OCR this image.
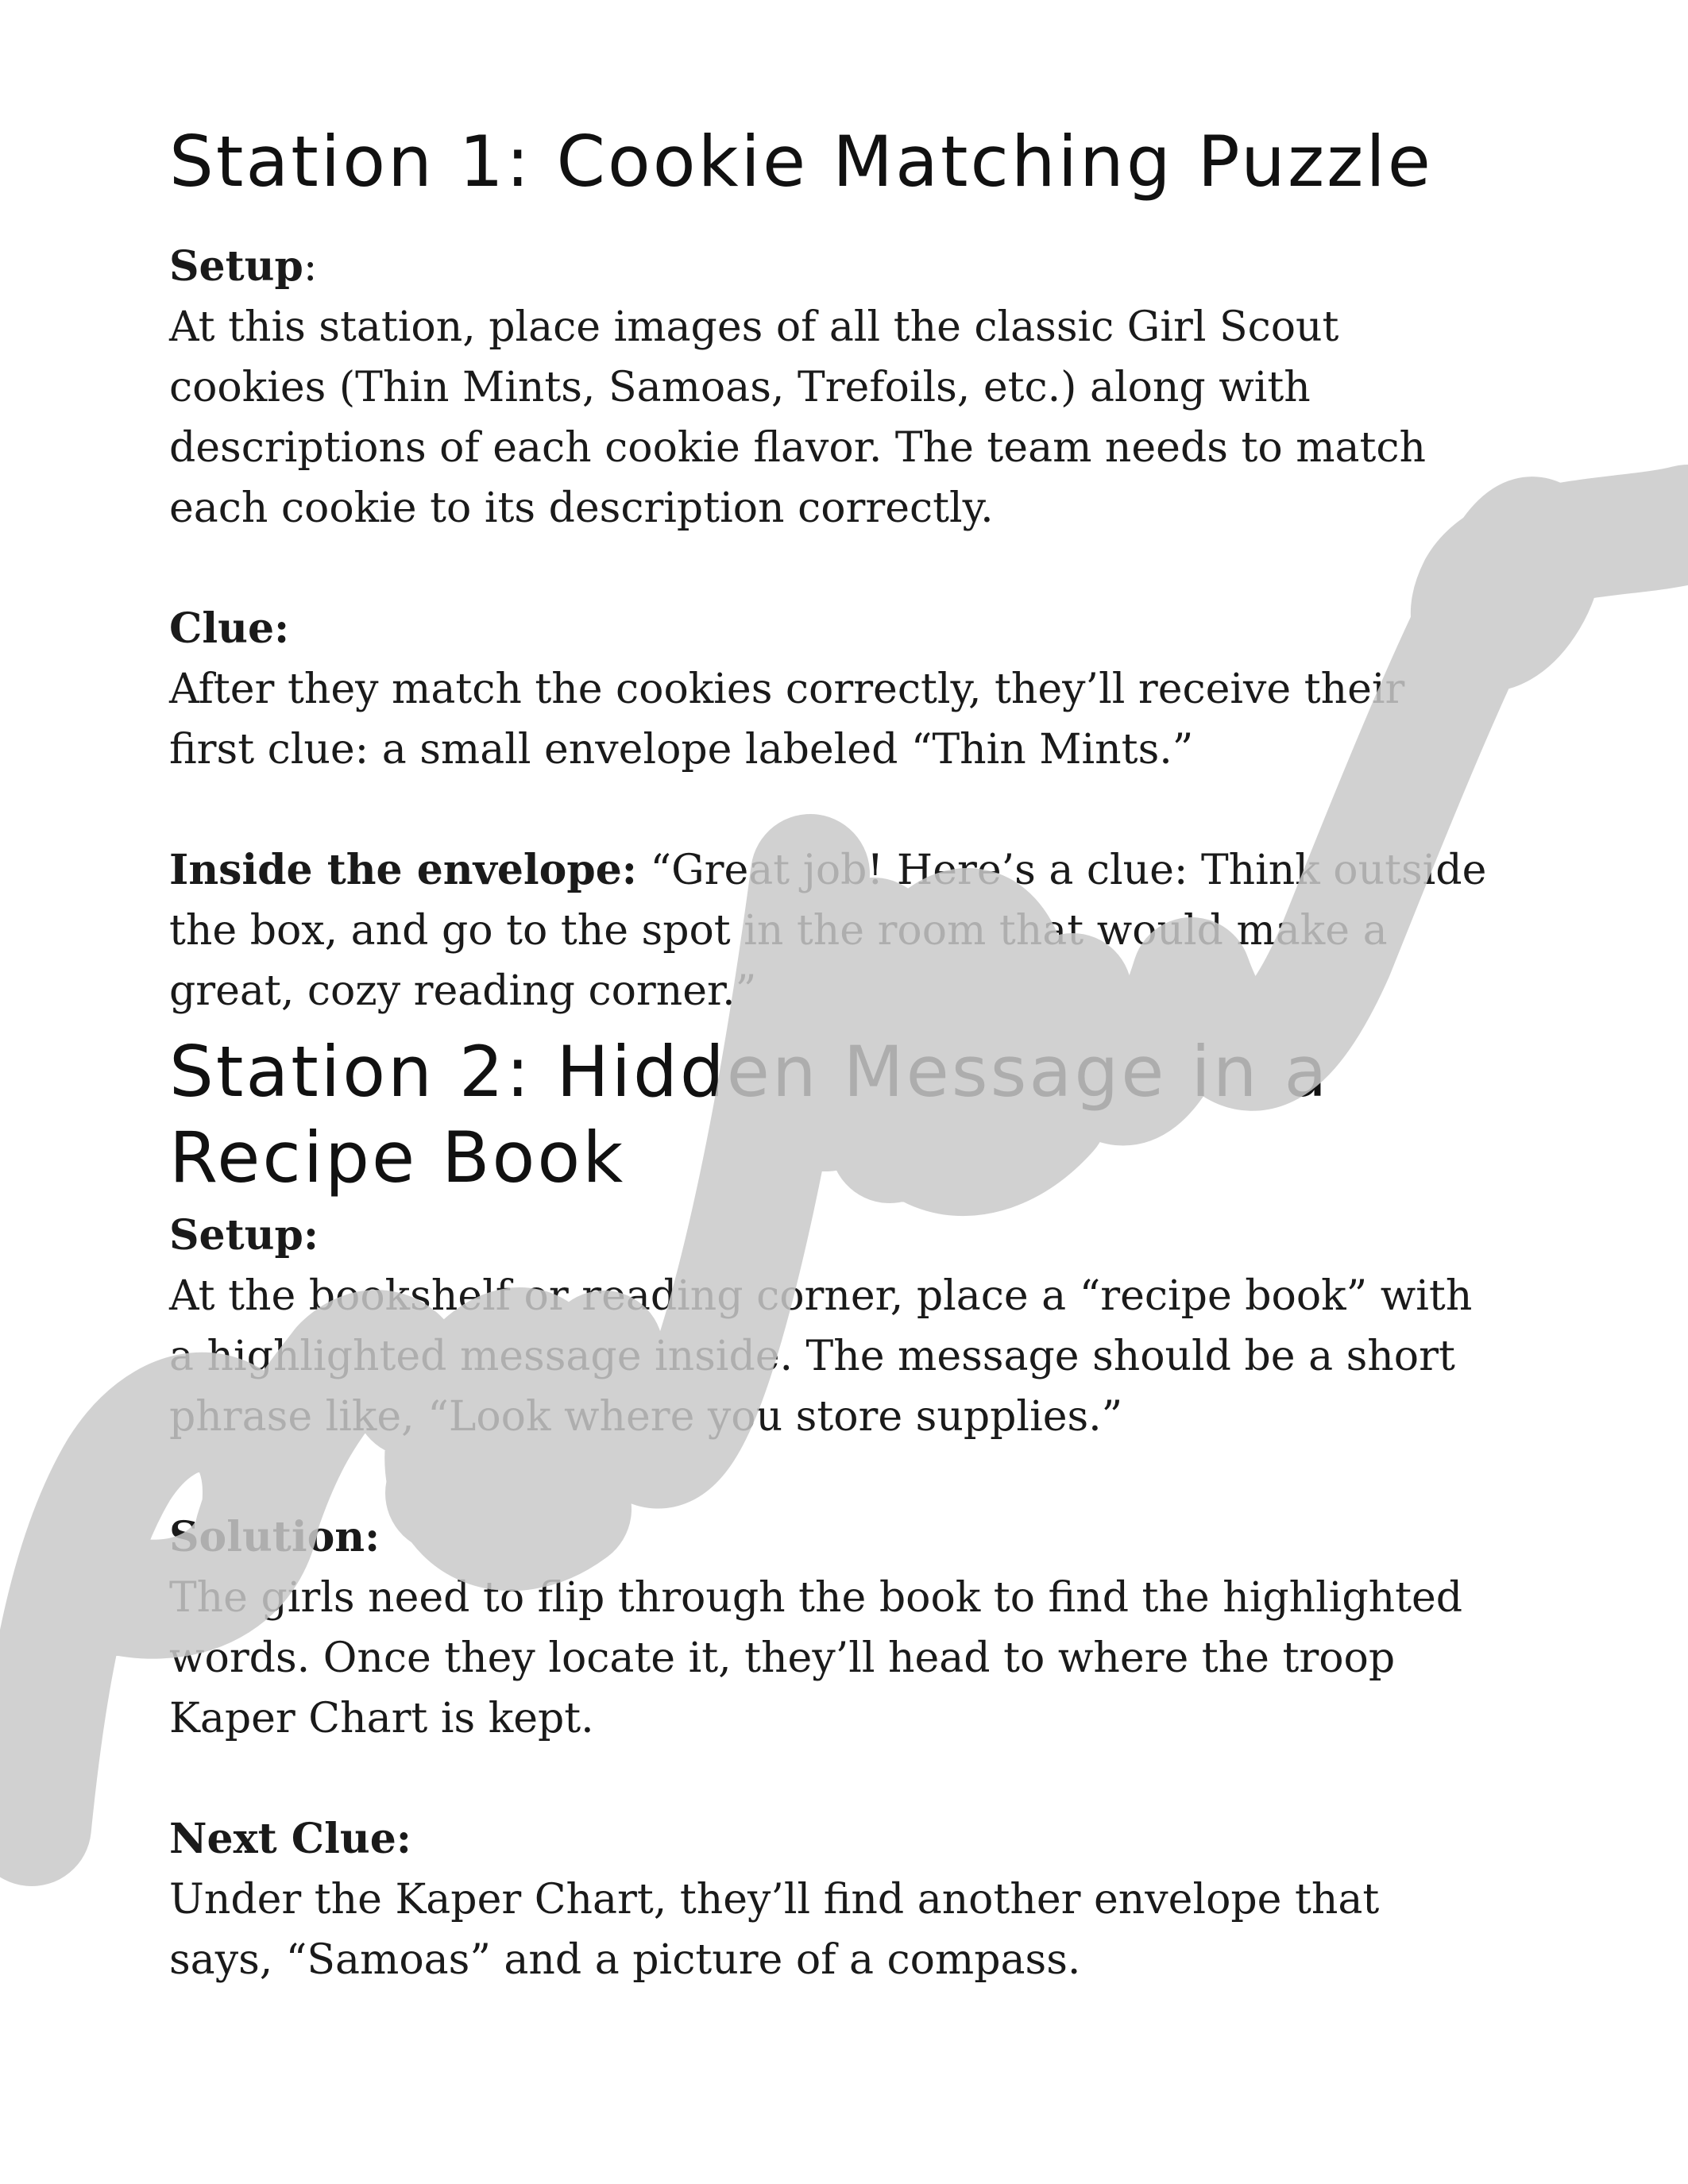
Station 1: Cookie Matching Puzzle

Setup:
At this station, place images of all the classic Girl Scout cookies (Thin Mints, Samoas, Trefoils, etc.) along with descriptions of each cookie flavor. The team needs to match each cookie to its description correctly.

Clue:
After they match the cookies correctly, they’ll receive their first clue: a small envelope labeled “Thin Mints.”

Inside the envelope: “Great job! Here’s a clue: Think outside the box, and go to the spot in the room that would make a great, cozy reading corner.”

Station 2: Hidden Message in a Recipe Book

Setup:
At the bookshelf or reading corner, place a “recipe book” with a highlighted message inside. The message should be a short phrase like, “Look where you store supplies.”

Solution:
The girls need to flip through the book to find the highlighted words. Once they locate it, they’ll head to where the troop Kaper Chart is kept.

Next Clue:
Under the Kaper Chart, they’ll find another envelope that says, “Samoas” and a picture of a compass.
